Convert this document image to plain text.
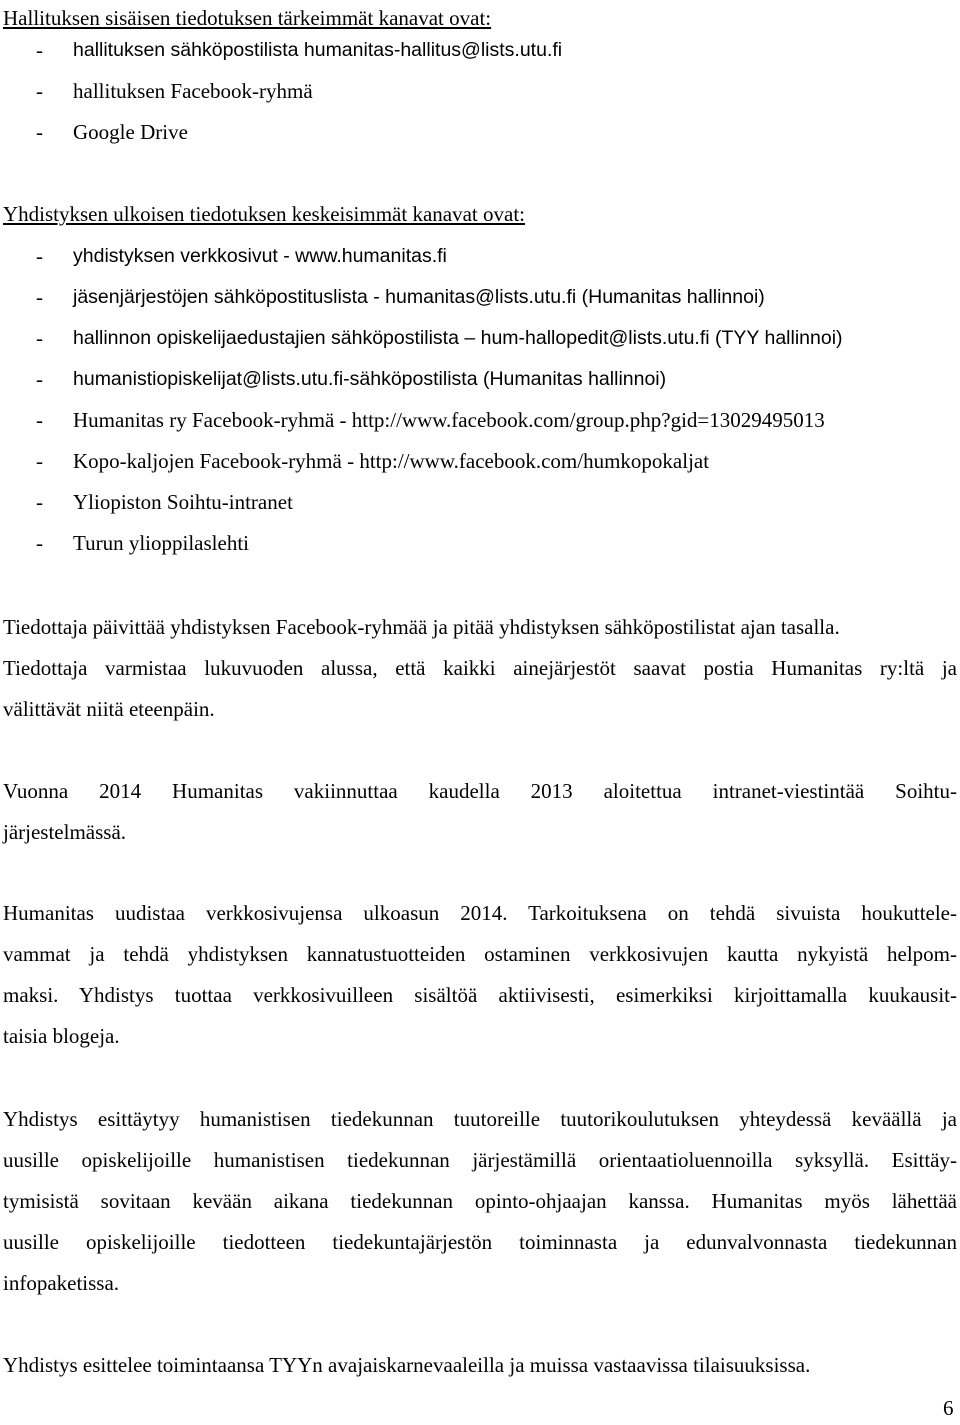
Hallituksen sisäisen tiedotuksen tärkeimmät kanavat ovat:
- hallituksen sähköpostilista humanitas-hallitus@lists.utu.fi
- hallituksen Facebook-ryhmä
- Google Drive
Yhdistyksen ulkoisen tiedotuksen keskeisimmät kanavat ovat:
- yhdistyksen verkkosivut - www.humanitas.fi
- jäsenjärjestöjen sähköpostituslista - humanitas@lists.utu.fi (Humanitas hallinnoi)
- hallinnon opiskelijaedustajien sähköpostilista – hum-hallopedit@lists.utu.fi (TYY hallinnoi)
- humanistiopiskelijat@lists.utu.fi-sähköpostilista (Humanitas hallinnoi)
- Humanitas ry Facebook-ryhmä - http://www.facebook.com/group.php?gid=13029495013
- Kopo-kaljojen Facebook-ryhmä - http://www.facebook.com/humkopokaljat
- Yliopiston Soihtu-intranet
- Turun ylioppilaslehti

Tiedottaja päivittää yhdistyksen Facebook-ryhmää ja pitää yhdistyksen sähköpostilistat ajan tasalla.
Tiedottaja varmistaa lukuvuoden alussa, että kaikki ainejärjestöt saavat postia Humanitas ry:ltä ja
välittävät niitä eteenpäin.

Vuonna 2014 Humanitas vakiinnuttaa kaudella 2013 aloitettua intranet-viestintää Soihtu-
järjestelmässä.

Humanitas uudistaa verkkosivujensa ulkoasun 2014. Tarkoituksena on tehdä sivuista houkuttele-
vammat ja tehdä yhdistyksen kannatustuotteiden ostaminen verkkosivujen kautta nykyistä helpom-
maksi. Yhdistys tuottaa verkkosivuilleen sisältöä aktiivisesti, esimerkiksi kirjoittamalla kuukausit-
taisia blogeja.

Yhdistys esittäytyy humanistisen tiedekunnan tuutoreille tuutorikoulutuksen yhteydessä keväällä ja
uusille opiskelijoille humanistisen tiedekunnan järjestämillä orientaatioluennoilla syksyllä. Esittäy-
tymisistä sovitaan kevään aikana tiedekunnan opinto-ohjaajan kanssa. Humanitas myös lähettää
uusille opiskelijoille tiedotteen tiedekuntajärjestön toiminnasta ja edunvalvonnasta tiedekunnan
infopaketissa.

Yhdistys esittelee toimintaansa TYYn avajaiskarnevaaleilla ja muissa vastaavissa tilaisuuksissa.

6
